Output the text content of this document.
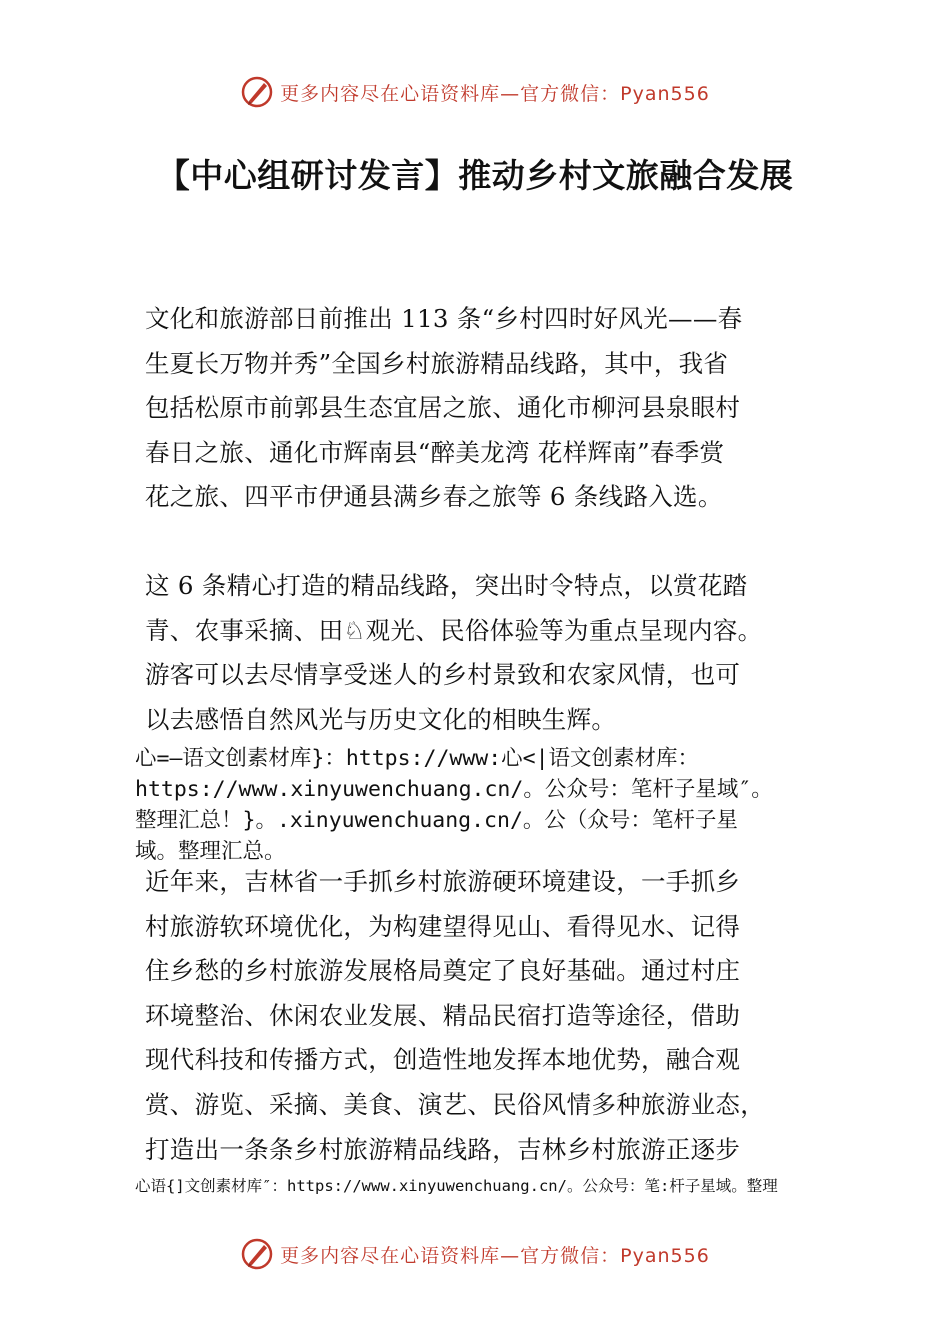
更多内容尽在心语资料库—官方微信：Pyan556
【中心组研讨发言】推动乡村文旅融合发展

文化和旅游部日前推出 113 条“乡村四时好风光——春
生夏长万物并秀”全国乡村旅游精品线路，其中，我省
包括松原市前郭县生态宜居之旅、通化市柳河县泉眼村
春日之旅、通化市辉南县“醉美龙湾 花样辉南”春季赏
花之旅、四平市伊通县满乡春之旅等 6 条线路入选。

这 6 条精心打造的精品线路，突出时令特点，以赏花踏
青、农事采摘、田♘观光、民俗体验等为重点呈现内容。
游客可以去尽情享受迷人的乡村景致和农家风情，也可
以去感悟自然风光与历史文化的相映生辉。

心=—语文创素材库}：https://www:心<|语文创素材库：
https://www.xinyuwenchuang.cn/。公众号：笔杆子星域″。
整理汇总！}。.xinyuwenchuang.cn/。公（众号：笔杆子星
域。整理汇总。

近年来，吉林省一手抓乡村旅游硬环境建设，一手抓乡
村旅游软环境优化，为构建望得见山、看得见水、记得
住乡愁的乡村旅游发展格局奠定了良好基础。通过村庄
环境整治、休闲农业发展、精品民宿打造等途径，借助
现代科技和传播方式，创造性地发挥本地优势，融合观
赏、游览、采摘、美食、演艺、民俗风情多种旅游业态，
打造出一条条乡村旅游精品线路，吉林乡村旅游正逐步

心语{]文创素材库″：https://www.xinyuwenchuang.cn/。公众号：笔:杆子星域。整理
更多内容尽在心语资料库—官方微信：Pyan556
